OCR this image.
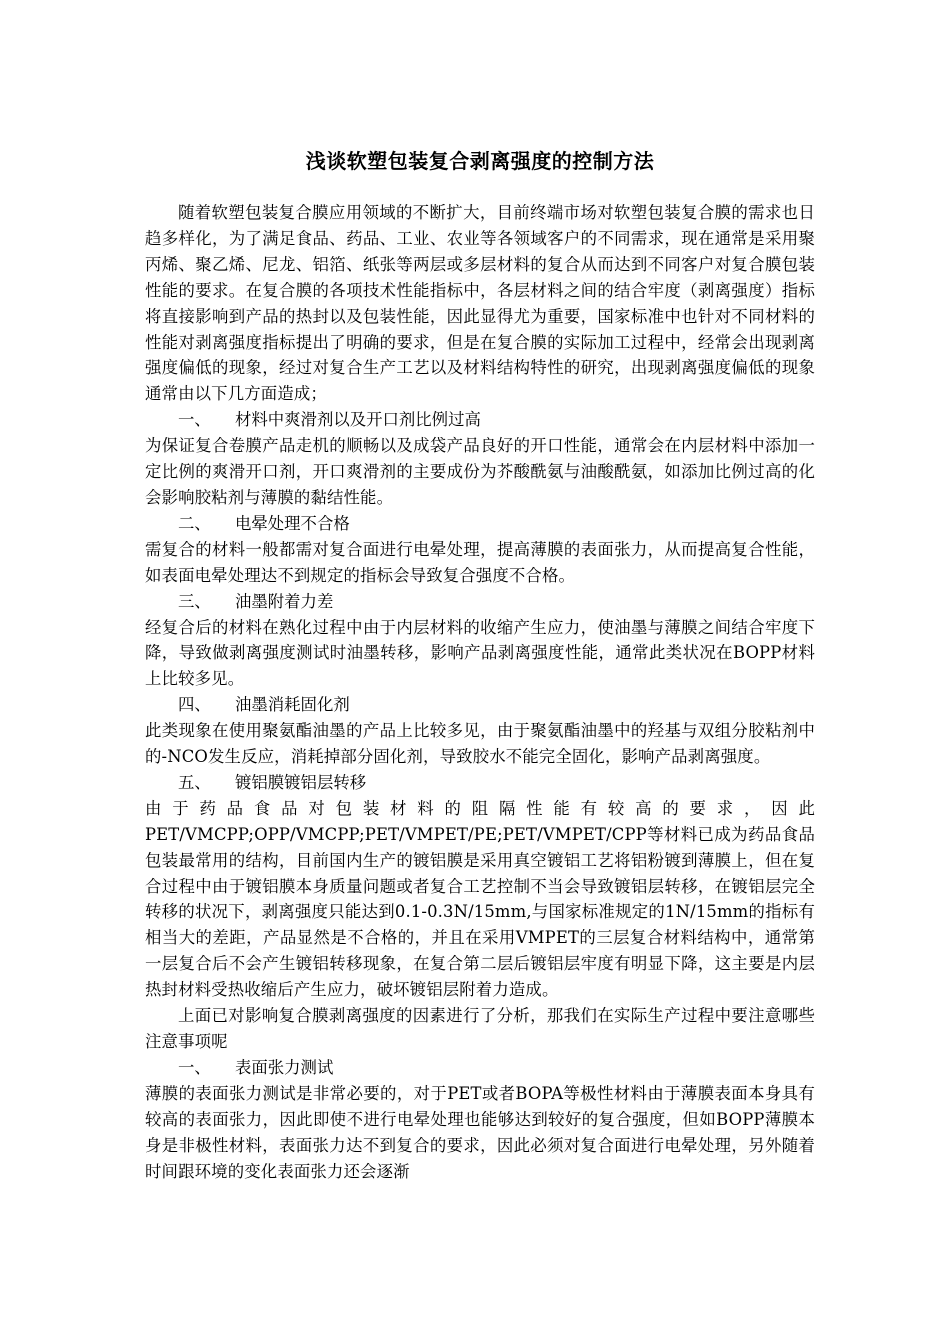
浅谈软塑包装复合剥离强度的控制方法

随着软塑包装复合膜应用领域的不断扩大，目前终端市场对软塑包装复合膜的需求也日趋多样化，为了满足食品、药品、工业、农业等各领域客户的不同需求，现在通常是采用聚丙烯、聚乙烯、尼龙、铝箔、纸张等两层或多层材料的复合从而达到不同客户对复合膜包装性能的要求。在复合膜的各项技术性能指标中，各层材料之间的结合牢度（剥离强度）指标将直接影响到产品的热封以及包装性能，因此显得尤为重要，国家标准中也针对不同材料的性能对剥离强度指标提出了明确的要求，但是在复合膜的实际加工过程中，经常会出现剥离强度偏低的现象，经过对复合生产工艺以及材料结构特性的研究，出现剥离强度偏低的现象通常由以下几方面造成；

一、 材料中爽滑剂以及开口剂比例过高

为保证复合卷膜产品走机的顺畅以及成袋产品良好的开口性能，通常会在内层材料中添加一定比例的爽滑开口剂，开口爽滑剂的主要成份为芥酸酰氨与油酸酰氨，如添加比例过高的化会影响胶粘剂与薄膜的黏结性能。

二、 电晕处理不合格

需复合的材料一般都需对复合面进行电晕处理，提高薄膜的表面张力，从而提高复合性能，如表面电晕处理达不到规定的指标会导致复合强度不合格。

三、 油墨附着力差

经复合后的材料在熟化过程中由于内层材料的收缩产生应力，使油墨与薄膜之间结合牢度下降，导致做剥离强度测试时油墨转移，影响产品剥离强度性能，通常此类状况在BOPP材料上比较多见。

四、 油墨消耗固化剂

此类现象在使用聚氨酯油墨的产品上比较多见，由于聚氨酯油墨中的羟基与双组分胶粘剂中的-NCO发生反应，消耗掉部分固化剂，导致胶水不能完全固化，影响产品剥离强度。

五、 镀铝膜镀铝层转移

由于药品食品对包装材料的阻隔性能有较高的要求，因此PET/VMCPP;OPP/VMCPP;PET/VMPET/PE;PET/VMPET/CPP等材料已成为药品食品包装最常用的结构，目前国内生产的镀铝膜是采用真空镀铝工艺将铝粉镀到薄膜上，但在复合过程中由于镀铝膜本身质量问题或者复合工艺控制不当会导致镀铝层转移，在镀铝层完全转移的状况下，剥离强度只能达到0.1-0.3N/15mm,与国家标准规定的1N/15mm的指标有相当大的差距，产品显然是不合格的，并且在采用VMPET的三层复合材料结构中，通常第一层复合后不会产生镀铝转移现象，在复合第二层后镀铝层牢度有明显下降，这主要是内层热封材料受热收缩后产生应力，破坏镀铝层附着力造成。

上面已对影响复合膜剥离强度的因素进行了分析，那我们在实际生产过程中要注意哪些注意事项呢

一、 表面张力测试

薄膜的表面张力测试是非常必要的，对于PET或者BOPA等极性材料由于薄膜表面本身具有较高的表面张力，因此即使不进行电晕处理也能够达到较好的复合强度，但如BOPP薄膜本身是非极性材料，表面张力达不到复合的要求，因此必须对复合面进行电晕处理，另外随着时间跟环境的变化表面张力还会逐渐
